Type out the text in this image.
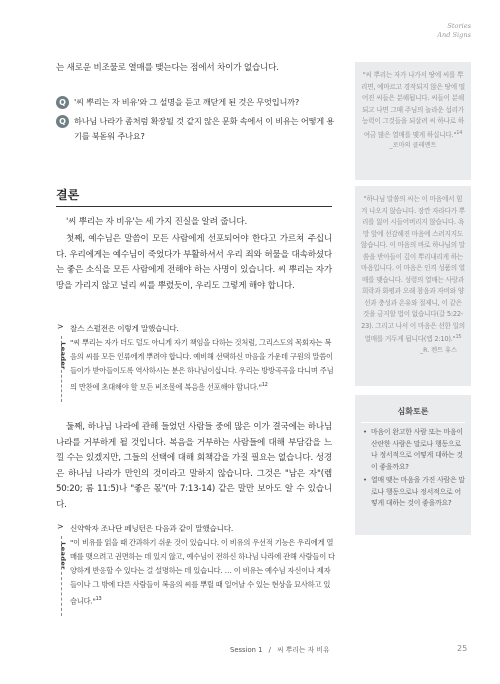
는 새로운 비조물로 열매를 맺는다는 점에서 차이가 없습니다.

Q '씨 뿌리는 자 비유'와 그 설명을 듣고 깨닫게 된 것은 무엇입니까?
Q 하나님 나라가 좀처럼 확장될 것 같지 않은 문화 속에서 이 비유는 어떻게 용기를 북돋워 주나요?
결론

'씨 뿌리는 자 비유'는 세 가지 진실을 알려 줍니다.

첫째, 예수님은 말씀이 모든 사람에게 선포되어야 한다고 가르쳐 주십니다. 우리에게는 예수님이 죽었다가 부활하셔서 우리 죄와 허물을 대속하셨다는 좋은 소식을 모든 사람에게 전해야 하는 사명이 있습니다. 씨 뿌리는 자가 땅을 가리지 않고 널리 씨를 뿌렸듯이, 우리도 그렇게 해야 합니다.

>
Leader
찰스 스펄전은 이렇게 말했습니다.
"씨 뿌리는 자가 더도 덜도 아니게 자기 책임을 다하는 것처럼, 그리스도의 목회자는 복음의 씨를 모든 인류에게 뿌려야 합니다. 예비해 선택하신 마음을 가운데 구원의 말씀이 들이가 받아들이도록 역사하시는 분은 하나님이십니다. 우리는 방방곡곡을 다니며 주님의 만찬에 초대해야 할 모든 비조물에 복음을 선포해야 합니다."$^{12}$

둘째, 하나님 나라에 관해 들었던 사람들 중에 많은 이가 결국에는 하나님 나라를 거부하게 될 것입니다. 복음을 거부하는 사람들에 대해 부담감을 느낄 수는 있겠지만, 그들의 선택에 대해 회책감을 가질 필요는 없습니다. 성경은 하나님 나라가 만인의 것이라고 말하지 않습니다. 그것은 "남은 자"(렘 50:20; 롬 11:5)나 "좋은 몫"(마 7:13-14) 같은 말만 보아도 알 수 있습니다.

>
Leader
신약학자 조나단 페닝턴은 다음과 같이 말했습니다.
"이 비유를 읽을 때 간과하기 쉬운 것이 있습니다. 이 비유의 우선적 기능은 우리에게 열매를 맺으려고 권면하는 데 있지 않고, 예수님이 전하신 하나님 나라에 관해 사람들이 다양하게 반응할 수 있다는 걸 설명하는 데 있습니다. … 이 비유는 예수님 자신이나 제자들이나 그 밖에 다른 사람들이 복음의 씨를 뿌릴 때 일어날 수 있는 현상을 묘사하고 있습니다."$^{13}$
Stories
And Signs
"씨 뿌리는 자가 나가서 땅에 씨를 뿌리면, 예마르고 경작되지 않은 땅에 떨어진 씨들은 분해됩니다. 씨들이 분해되고 나면 그때 주님의 놀라운 섭리가 능력이 그것들을 되살려 씨 하나로 하여금 많은 열매를 맺게 하십니다."$^{14}$
_로마의 클레멘트
"하나님 말씀의 씨는 이 마음에서 힘겨 나오지 않습니다. 잠깐 자라다가 뿌리를 잃어 시들어버리지 않습니다. 욕망 앞에 선감해진 마음에 스러지지도 않습니다. 이 마음의 바로 하나님의 말씀을 받아들이 깊이 뿌리내리게 하는 마음입니다. 이 마음은 인격 성품의 열매를 맺습니다. 성령의 열매는 사랑과 희락과 화평과 오래 참음과 자비와 양선과 충성과 온유와 절제니, 이 같은 것을 금지할 법이 없습니다(갈 5:22-23). 그리고 나서 이 마음은 선한 일의 열매를 거두게 됩니다(엡 2:10)."$^{15}$
_R. 켄트 휴스
심화토론
• 마음이 완고한 사람 또는 마음이 산란한 사람은 말로나 행동으로나 정서적으로 어떻게 대하는 것이 좋을까요?
• 열매 맺는 마음을 가진 사람은 말로나 행동으로나 정서적으로 어떻게 대하는 것이 좋을까요?
Session 1 / 씨 뿌리는 자 비유	25
